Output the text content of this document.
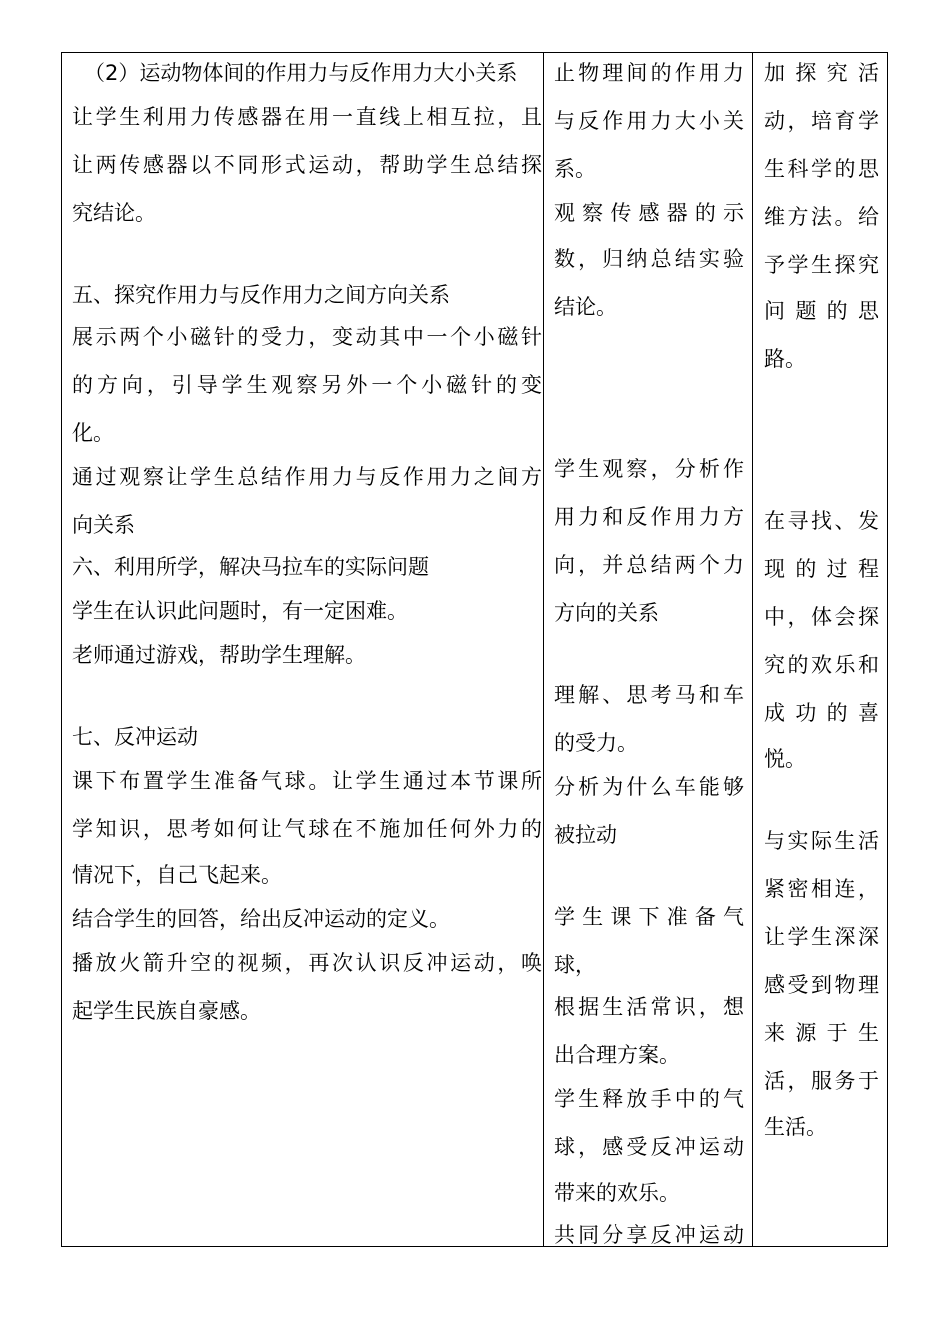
（2）运动物体间的作用力与反作用力大小关系

让学生利用力传感器在用一直线上相互拉，且

让两传感器以不同形式运动，帮助学生总结探

究结论。

五、探究作用力与反作用力之间方向关系

展示两个小磁针的受力，变动其中一个小磁针

的方向，引导学生观察另外一个小磁针的变

化。

通过观察让学生总结作用力与反作用力之间方

向关系

六、利用所学，解决马拉车的实际问题

学生在认识此问题时，有一定困难。

老师通过游戏，帮助学生理解。

七、反冲运动

课下布置学生准备气球。让学生通过本节课所

学知识，思考如何让气球在不施加任何外力的

情况下，自己飞起来。

结合学生的回答，给出反冲运动的定义。

播放火箭升空的视频，再次认识反冲运动，唤

起学生民族自豪感。

止物理间的作用力

与反作用力大小关

系。

观察传感器的示

数，归纳总结实验

结论。

学生观察，分析作

用力和反作用力方

向，并总结两个力

方向的关系

理解、思考马和车

的受力。

分析为什么车能够

被拉动

学生课下准备气

球，

根据生活常识，想

出合理方案。

学生释放手中的气

球，感受反冲运动

带来的欢乐。

共同分享反冲运动

加探究活

动，培育学

生科学的思

维方法。给

予学生探究

问题的思

路。

在寻找、发

现的过程

中，体会探

究的欢乐和

成功的喜

悦。

与实际生活

紧密相连，

让学生深深

感受到物理

来源于生

活，服务于

生活。
